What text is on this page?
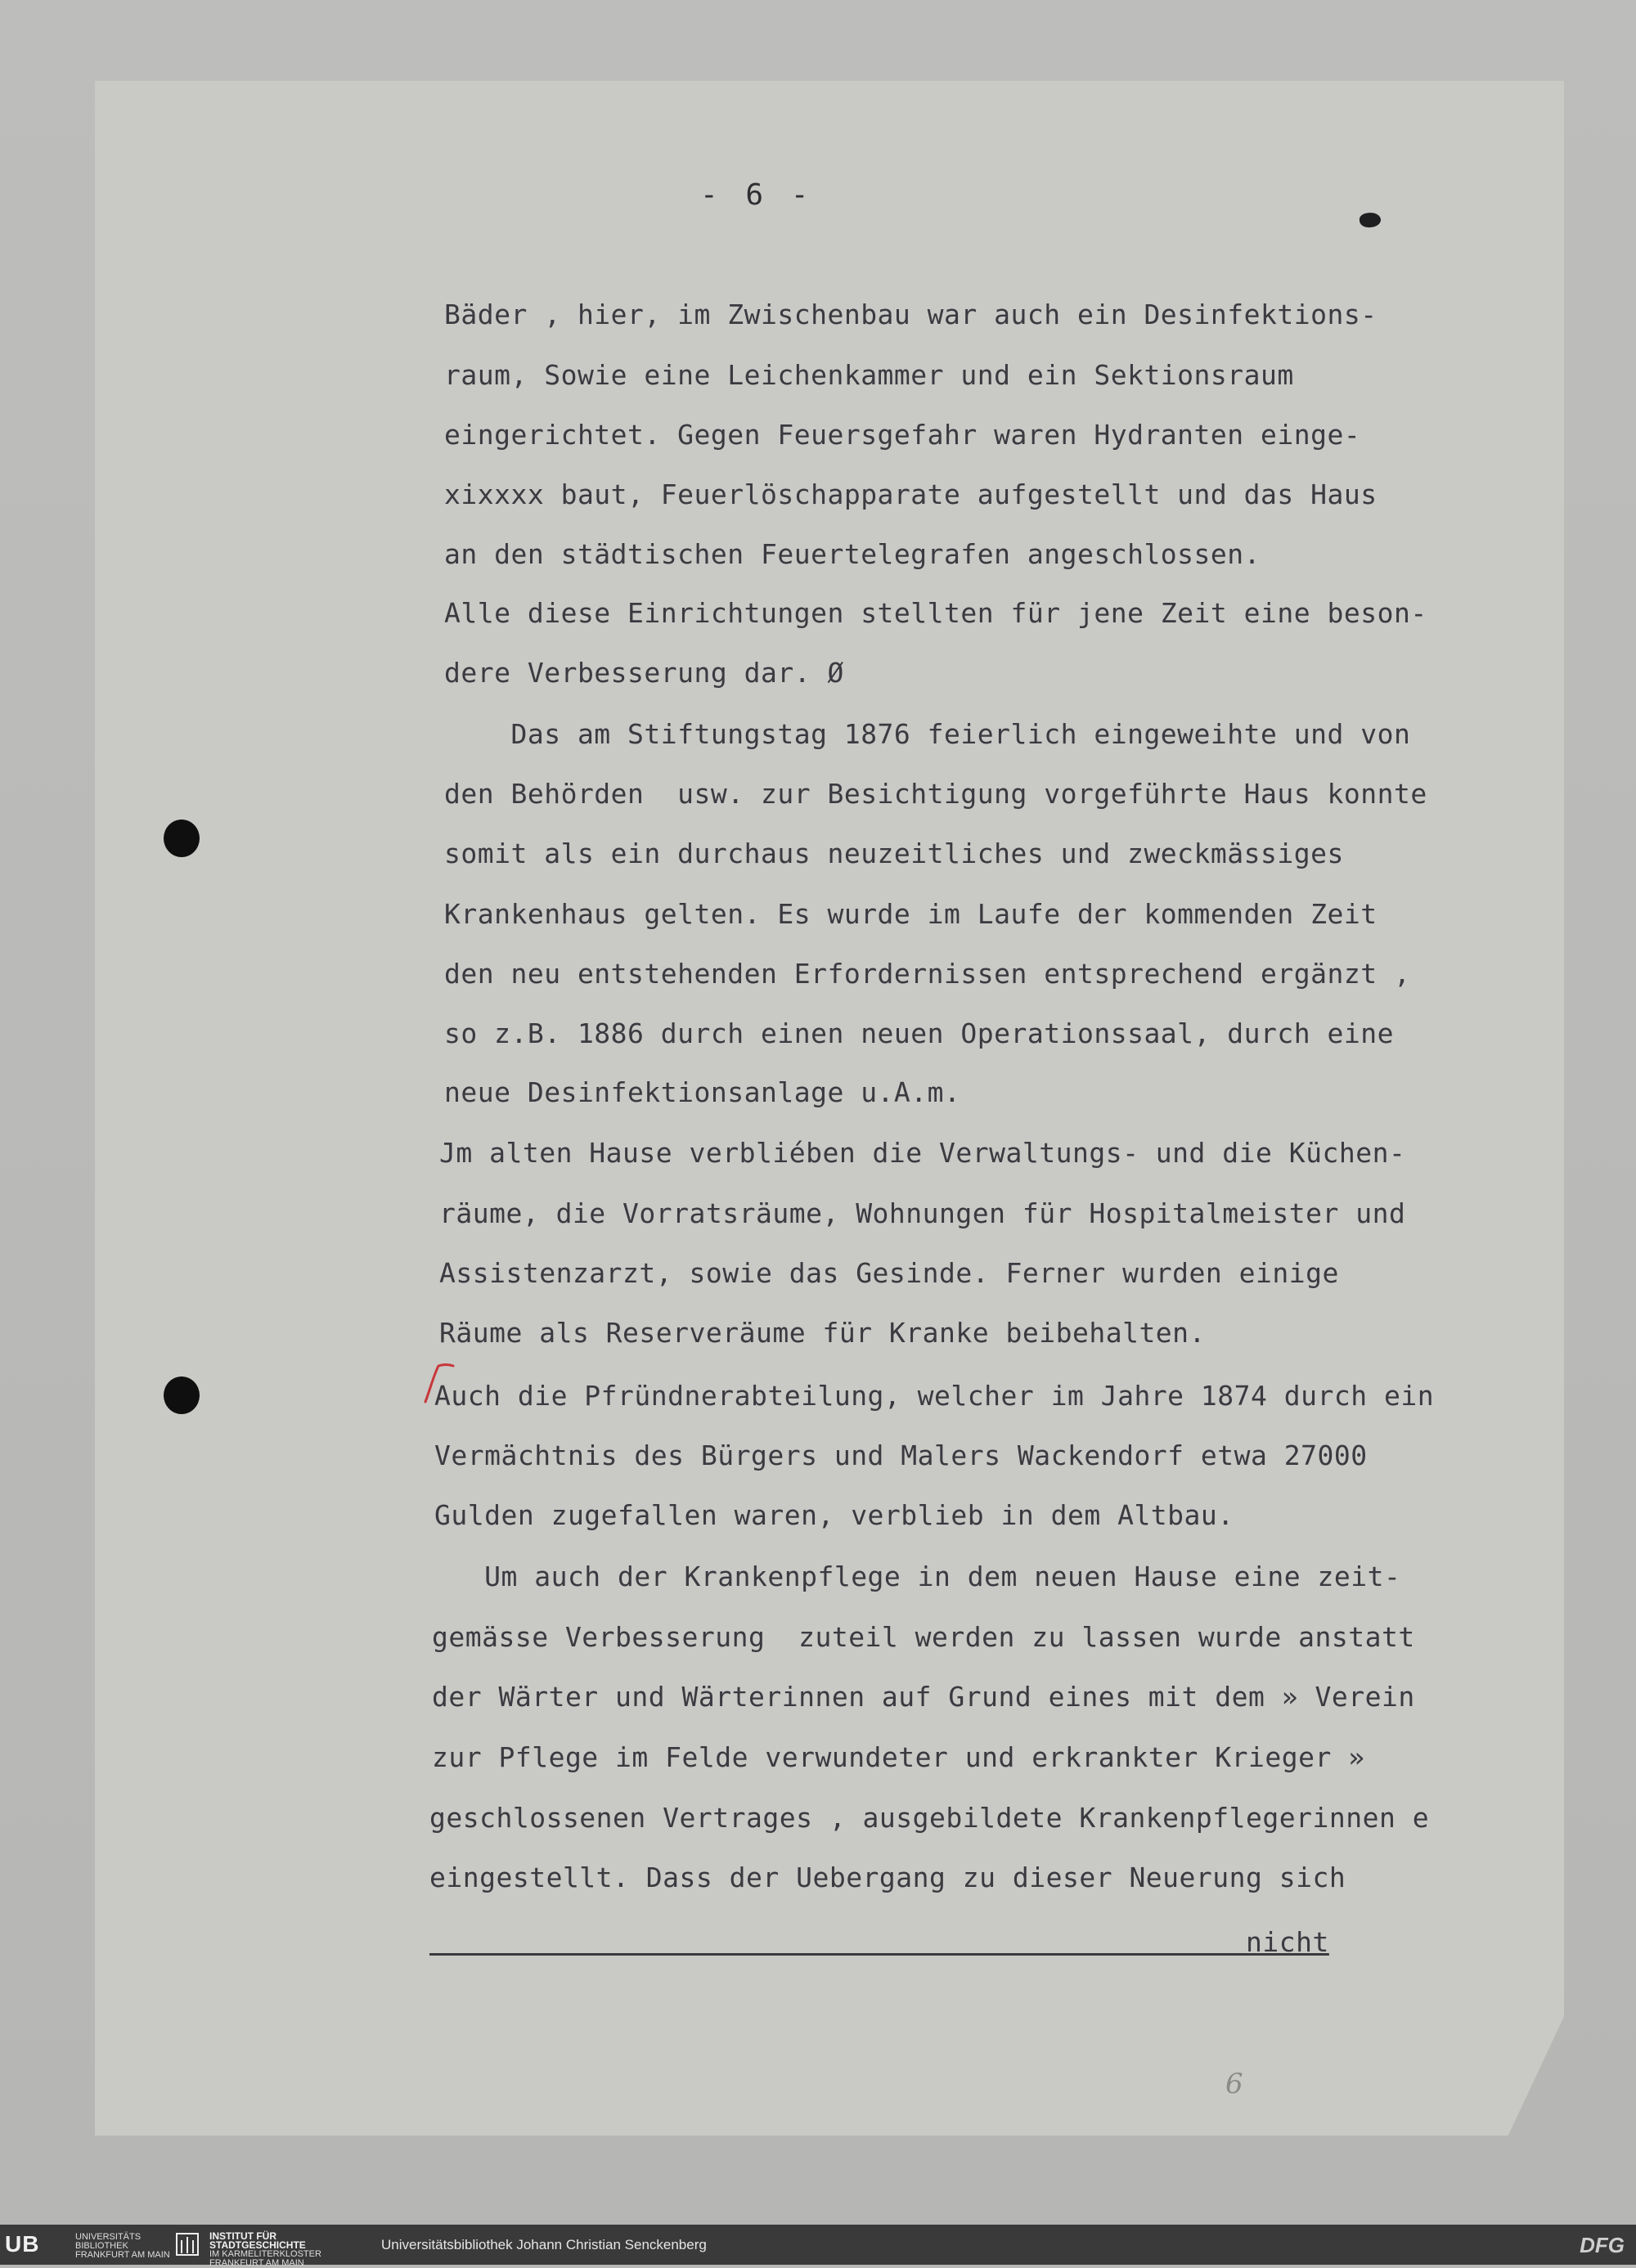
- 6 -
Bäder , hier, im Zwischenbau war auch ein Desinfektions-
raum, Sowie eine Leichenkammer und ein Sektionsraum
eingerichtet. Gegen Feuersgefahr waren Hydranten einge-
xixxxx baut, Feuerlöschapparate aufgestellt und das Haus
an den städtischen Feuertelegrafen angeschlossen.
Alle diese Einrichtungen stellten für jene Zeit eine beson-
dere Verbesserung dar. Ø
Das am Stiftungstag 1876 feierlich eingeweihte und von
den Behörden  usw. zur Besichtigung vorgeführte Haus konnte
somit als ein durchaus neuzeitliches und zweckmässiges
Krankenhaus gelten. Es wurde im Laufe der kommenden Zeit
den neu entstehenden Erfordernissen entsprechend ergänzt ,
so z.B. 1886 durch einen neuen Operationssaal, durch eine
neue Desinfektionsanlage u.A.m.
Jm alten Hause verbliében die Verwaltungs- und die Küchen-
räume, die Vorratsräume, Wohnungen für Hospitalmeister und
Assistenzarzt, sowie das Gesinde. Ferner wurden einige
Räume als Reserveräume für Kranke beibehalten.
Auch die Pfründnerabteilung, welcher im Jahre 1874 durch ein
Vermächtnis des Bürgers und Malers Wackendorf etwa 27000
Gulden zugefallen waren, verblieb in dem Altbau.
Um auch der Krankenpflege in dem neuen Hause eine zeit-
gemässe Verbesserung  zuteil werden zu lassen wurde anstatt
der Wärter und Wärterinnen auf Grund eines mit dem » Verein
zur Pflege im Felde verwundeter und erkrankter Krieger »
geschlossenen Vertrages , ausgebildete Krankenpflegerinnen e
eingestellt. Dass der Uebergang zu dieser Neuerung sich
nicht
6
UB	UNIVERSITÄTS
BIBLIOTHEK
FRANKFURT AM MAIN
INSTITUT FÜR
STADTGESCHICHTE
IM KARMELITERKLOSTER
FRANKFURT AM MAIN
Universitätsbibliothek Johann Christian Senckenberg	DFG
